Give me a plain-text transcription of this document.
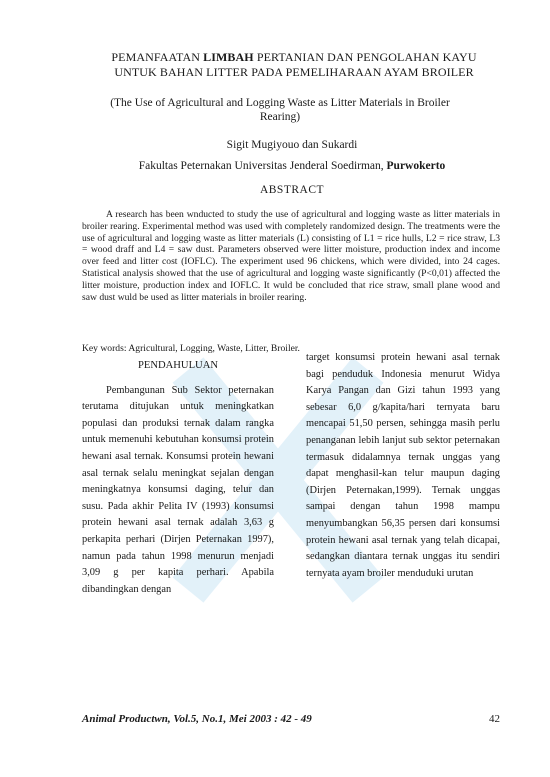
PEMANFAATAN LIMBAH PERTANIAN DAN PENGOLAHAN KAYU
UNTUK BAHAN LITTER PADA PEMELIHARAAN AYAM BROILER
(The Use of Agricultural and Logging Waste as Litter Materials in Broiler Rearing)
Sigit Mugiyouo dan Sukardi
Fakultas Peternakan Universitas Jenderal Soedirman, Purwokerto
ABSTRACT

A research has been wnducted to study the use of agricultural and logging waste as litter materials in broiler rearing. Experimental method was used with completely randomized design. The treatments were the use of agricultural and logging waste as litter materials (L) consisting of L1 = rice hulls, L2 = rice straw, L3 = wood draff and L4 = saw dust. Parameters observed were litter moisture, production index and income over feed and litter cost (IOFLC). The experiment used 96 chickens, which were divided, into 24 cages. Statistical analysis showed that the use of agricultural and logging waste significantly (P<0,01) affected the litter moisture, production index and IOFLC. It wuld be concluded that rice straw, small plane wood and saw dust wuld be used as litter materials in broiler rearing.

Key words: Agricultural, Logging, Waste, Litter, Broiler.

PENDAHULUAN

Pembangunan Sub Sektor peternakan terutama ditujukan untuk meningkatkan populasi dan produksi ternak dalam rangka untuk memenuhi kebutuhan konsumsi protein hewani asal ternak. Konsumsi protein hewani asal ternak selalu meningkat sejalan dengan meningkatnya konsumsi daging, telur dan susu. Pada akhir Pelita IV (1993) konsumsi protein hewani asal ternak adalah 3,63 g perkapita perhari (Dirjen Peternakan 1997), namun pada tahun 1998 menurun menjadi 3,09 g per kapita perhari. Apabila dibandingkan dengan

target konsumsi protein hewani asal ternak bagi penduduk Indonesia menurut Widya Karya Pangan dan Gizi tahun 1993 yang sebesar 6,0 g/kapita/hari ternyata baru mencapai 51,50 persen, sehingga masih perlu penanganan lebih lanjut sub sektor peternakan termasuk didalamnya ternak unggas yang dapat menghasil-kan telur maupun daging (Dirjen Peternakan,1999). Ternak unggas sampai dengan tahun 1998 mampu menyumbangkan 56,35 persen dari konsumsi protein hewani asal ternak yang telah dicapai, sedangkan diantara ternak unggas itu sendiri ternyata ayam broiler menduduki urutan

Animal Productwn, Vol.5, No.1, Mei 2003 : 42 - 49	42
